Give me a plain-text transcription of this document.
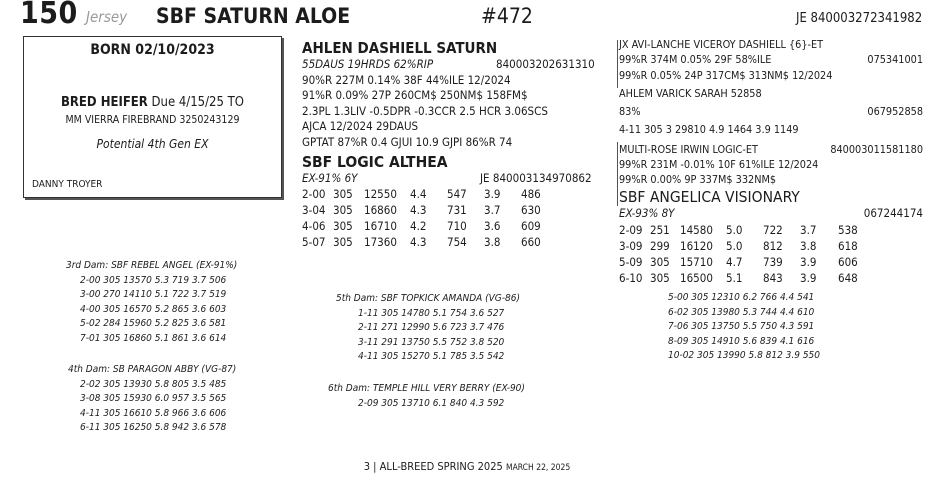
150 Jersey SBF SATURN ALOE	#472	JE 840003272341982
BORN 02/10/2023
BRED HEIFER Due 4/15/25 TO
MM VIERRA FIREBRAND 3250243129
Potential 4th Gen EX
DANNY TROYER
AHLEN DASHIELL SATURN
55DAUS 19HRDS 62%RIP	840003202631310
90%R 227M 0.14% 38F 44%ILE 12/2024
91%R 0.09% 27P 260CM$ 250NM$ 158FM$
2.3PL 1.3LIV -0.5DPR -0.3CCR 2.5 HCR 3.06SCS
AJCA 12/2024 29DAUS
GPTAT 87%R 0.4 GJUI 10.9 GJPI 86%R 74
SBF LOGIC ALTHEA
EX-91% 6Y	JE 840003134970862
2-00	305	12550	4.4	547	3.9	486
3-04	305	16860	4.3	731	3.7	630
4-06	305	16710	4.2	710	3.6	609
5-07	305	17360	4.3	754	3.8	660
3rd Dam: SBF REBEL ANGEL (EX-91%)
2-00 305 13570 5.3 719 3.7 506
3-00 270 14110 5.1 722 3.7 519
4-00 305 16570 5.2 865 3.6 603
5-02 284 15960 5.2 825 3.6 581
7-01 305 16860 5.1 861 3.6 614
4th Dam: SB PARAGON ABBY (VG-87)
2-02 305 13930 5.8 805 3.5 485
3-08 305 15930 6.0 957 3.5 565
4-11 305 16610 5.8 966 3.6 606
6-11 305 16250 5.8 942 3.6 578
5th Dam: SBF TOPKICK AMANDA (VG-86)
1-11 305 14780 5.1 754 3.6 527
2-11 271 12990 5.6 723 3.7 476
3-11 291 13750 5.5 752 3.8 520
4-11 305 15270 5.1 785 3.5 542
6th Dam: TEMPLE HILL VERY BERRY (EX-90)
2-09 305 13710 6.1 840 4.3 592
JX AVI-LANCHE VICEROY DASHIELL {6}-ET
99%R 374M 0.05% 29F 58%ILE	075341001
99%R 0.05% 24P 317CM$ 313NM$ 12/2024
AHLEM VARICK SARAH 52858
83%	067952858
4-11 305 3 29810 4.9 1464 3.9 1149
MULTI-ROSE IRWIN LOGIC-ET	840003011581180
99%R 231M -0.01% 10F 61%ILE 12/2024
99%R 0.00% 9P 337M$ 332NM$
SBF ANGELICA VISIONARY
EX-93% 8Y	067244174
2-09	251	14580	5.0	722	3.7	538
3-09	299	16120	5.0	812	3.8	618
5-09	305	15710	4.7	739	3.9	606
6-10	305	16500	5.1	843	3.9	648
5-00 305 12310 6.2 766 4.4 541
6-02 305 13980 5.3 744 4.4 610
7-06 305 13750 5.5 750 4.3 591
8-09 305 14910 5.6 839 4.1 616
10-02 305 13990 5.8 812 3.9 550
3 | ALL-BREED SPRING 2025 MARCH 22, 2025
